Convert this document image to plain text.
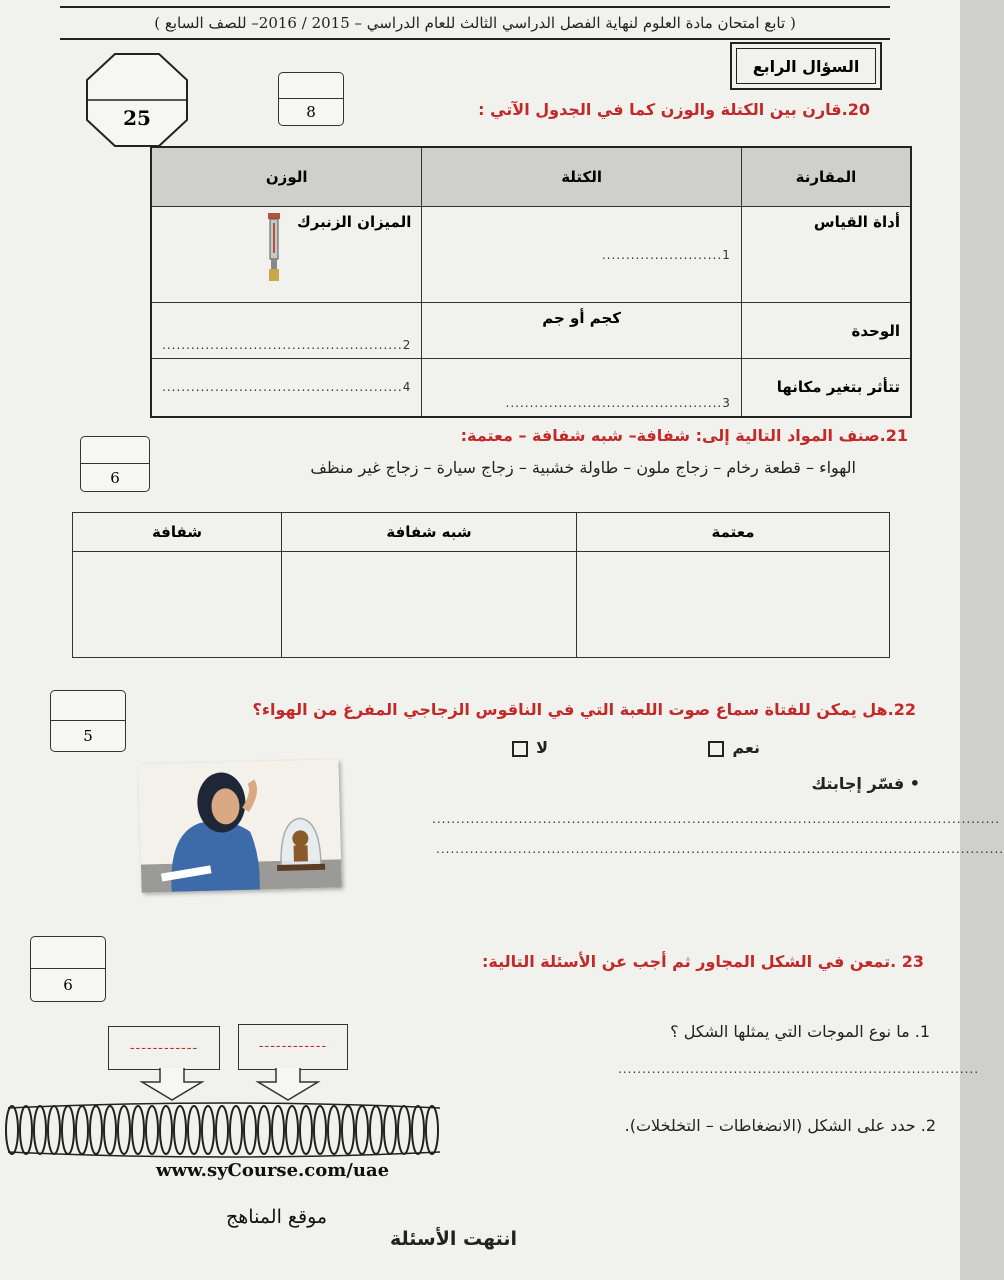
( تابع امتحان مادة العلوم لنهاية الفصل الدراسي الثالث للعام الدراسي – 2015 / 2016– للصف السابع )
السؤال الرابع
25	8	20.قارن بين الكتلة والوزن كما في الجدول الآتي :
المقارنة	الكتلة	الوزن
أداة القياس	1.........................	الميزان الزنبرك

الوحدة	كجم أو جم	2..................................................

تتأثر بتغير مكانها	3.............................................	4..................................................
6
21.صنف المواد التالية إلى: شفافة– شبه شفافة – معتمة:
الهواء – قطعة رخام – زجاج ملون – طاولة خشبية – زجاج سيارة – زجاج غير منظف
معتمة	شبه شفافة	شفافة

5
22.هل يمكن للفتاة سماع صوت اللعبة التي في الناقوس الزجاجي المفرغ من الهواء؟
نعم
لا
• فسّر إجابتك
......................................................................................................................
......................................................................................................................
6
23 .تمعن في الشكل المجاور ثم أجب عن الأسئلة التالية:
1. ما نوع الموجات التي يمثلها الشكل ؟
...........................................................................
2. حدد على الشكل (الانضغاطات – التخلخلات).
------------	------------
www.syCourse.com/uae
موقع المناهج
انتهت الأسئلة
